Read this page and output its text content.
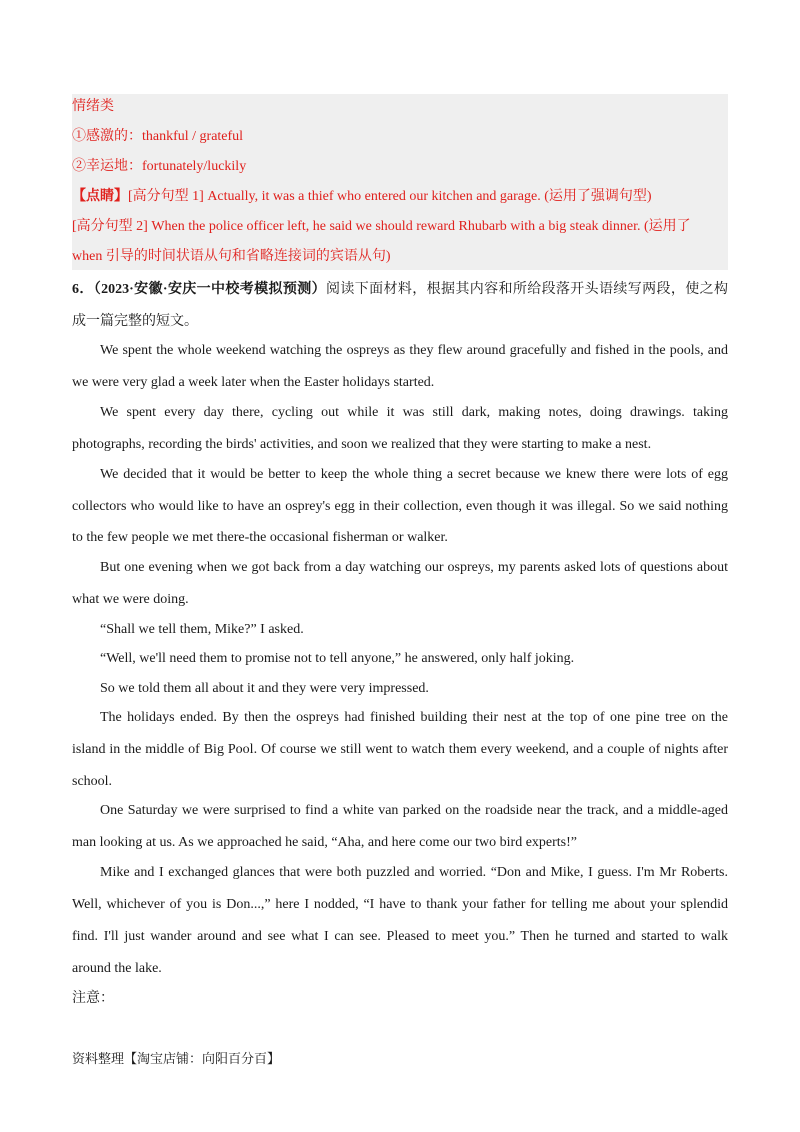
情绪类
①感激的：thankful / grateful
②幸运地：fortunately/luckily
【点睛】[高分句型 1] Actually, it was a thief who entered our kitchen and garage. (运用了强调句型)
[高分句型 2] When the police officer left, he said we should reward Rhubarb with a big steak dinner. (运用了
when 引导的时间状语从句和省略连接词的宾语从句)
6．（2023·安徽·安庆一中校考模拟预测）阅读下面材料，根据其内容和所给段落开头语续写两段，使之构
成一篇完整的短文。
We spent the whole weekend watching the ospreys as they flew around gracefully and fished in the pools, and
we were very glad a week later when the Easter holidays started.
We spent every day there, cycling out while it was still dark, making notes, doing drawings. taking
photographs, recording the birds' activities, and soon we realized that they were starting to make a nest.
We decided that it would be better to keep the whole thing a secret because we knew there were lots of egg
collectors who would like to have an osprey's egg in their collection, even though it was illegal. So we said nothing
to the few people we met there-the occasional fisherman or walker.
But one evening when we got back from a day watching our ospreys, my parents asked lots of questions about
what we were doing.
“Shall we tell them, Mike?” I asked.
“Well, we'll need them to promise not to tell anyone,” he answered, only half joking.
So we told them all about it and they were very impressed.
The holidays ended. By then the ospreys had finished building their nest at the top of one pine tree on the
island in the middle of Big Pool. Of course we still went to watch them every weekend, and a couple of nights after
school.
One Saturday we were surprised to find a white van parked on the roadside near the track, and a middle-aged
man looking at us. As we approached he said, “Aha, and here come our two bird experts!”
Mike and I exchanged glances that were both puzzled and worried. “Don and Mike, I guess. I'm Mr Roberts.
Well, whichever of you is Don...,” here I nodded, “I have to thank your father for telling me about your splendid
find. I'll just wander around and see what I can see. Pleased to meet you.” Then he turned and started to walk
around the lake.
注意：
资料整理【淘宝店铺：向阳百分百】
